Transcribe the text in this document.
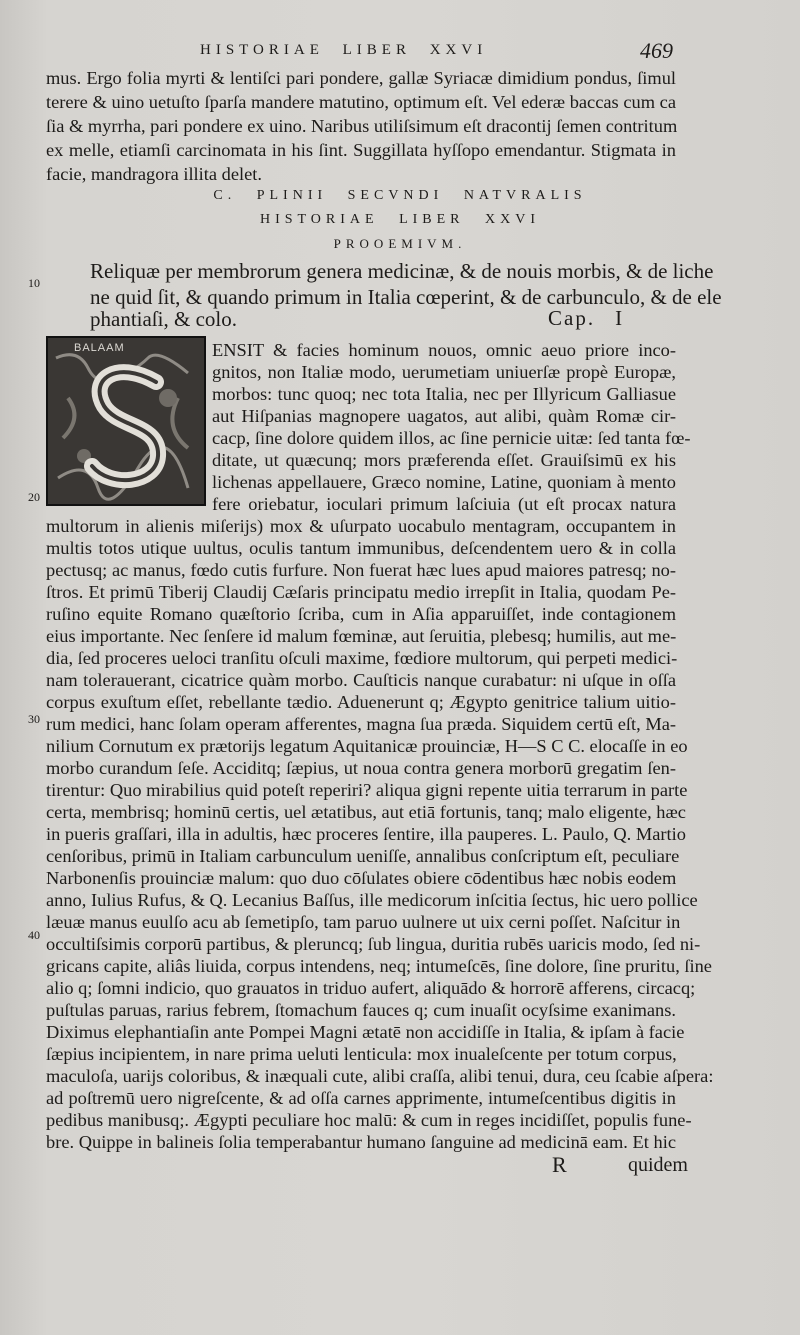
HISTORIAE LIBER XXVI	469
mus. Ergo folia myrti & lentiſci pari pondere, gallæ Syriacæ dimidium pondus, ſimul
terere & uino uetuſto ſparſa mandere matutino, optimum eſt. Vel ederæ baccas cum ca
ſia & myrrha, pari pondere ex uino. Naribus utiliſsimum eſt dracontij ſemen contritum
ex melle, etiamſi carcinomata in his ſint. Suggillata hyſſopo emendantur. Stigmata in
facie, mandragora illita delet.
C. PLINII SECVNDI NATVRALIS
HISTORIAE LIBER XXVI
PROOEMIVM.
10
20
30
40
Reliquæ per membrorum genera medicinæ, & de nouis morbis, & de liche
ne quid ſit, & quando primum in Italia cœperint, & de carbunculo, & de ele
phantiaſi, & colo.	Cap. I
BALAAM	ENSIT & facies hominum nouos, omnic aeuo priore inco-
gnitos, non Italiæ modo, uerumetiam uniuerſæ propè Europæ,
morbos: tunc quoq; nec tota Italia, nec per Illyricum Galliasue
aut Hiſpanias magnopere uagatos, aut alibi, quàm Romæ cir-
cacp, ſine dolore quidem illos, ac ſine pernicie uitæ: ſed tanta fœ-
ditate, ut quæcunq; mors præferenda eſſet. Grauiſsimū ex his
lichenas appellauere, Græco nomine, Latine, quoniam à mento
fere oriebatur, ioculari primum laſciuia (ut eſt procax natura
multorum in alienis miſerijs) mox & uſurpato uocabulo mentagram, occupantem in
multis totos utique uultus, oculis tantum immunibus, deſcendentem uero & in colla
pectusq; ac manus, fœdo cutis furfure. Non fuerat hæc lues apud maiores patresq; no-
ſtros. Et primū Tiberij Claudij Cæſaris principatu medio irrepſit in Italia, quodam Pe-
ruſino equite Romano quæſtorio ſcriba, cum in Aſia apparuiſſet, inde contagionem
eius importante. Nec ſenſere id malum fœminæ, aut ſeruitia, plebesq; humilis, aut me-
dia, ſed proceres ueloci tranſitu oſculi maxime, fœdiore multorum, qui perpeti medici-
nam tolerauerant, cicatrice quàm morbo. Cauſticis nanque curabatur: ni uſque in oſſa
corpus exuſtum eſſet, rebellante tædio. Aduenerunt q; Ægypto genitrice talium uitio-
rum medici, hanc ſolam operam afferentes, magna ſua præda. Siquidem certū eſt, Ma-
nilium Cornutum ex prætorijs legatum Aquitanicæ prouinciæ, H—S C C. elocaſſe in eo
morbo curandum ſeſe. Acciditq; ſæpius, ut noua contra genera morborū gregatim ſen-
tirentur: Quo mirabilius quid poteſt reperiri? aliqua gigni repente uitia terrarum in parte
certa, membrisq; hominū certis, uel ætatibus, aut etiā fortunis, tanq; malo eligente, hæc
in pueris graſſari, illa in adultis, hæc proceres ſentire, illa pauperes. L. Paulo, Q. Martio
cenſoribus, primū in Italiam carbunculum ueniſſe, annalibus conſcriptum eſt, peculiare
Narbonenſis prouinciæ malum: quo duo cōſulates obiere cōdentibus hæc nobis eodem
anno, Iulius Rufus, & Q. Lecanius Baſſus, ille medicorum inſcitia ſectus, hic uero pollice
læuæ manus euulſo acu ab ſemetipſo, tam paruo uulnere ut uix cerni poſſet. Naſcitur in
occultiſsimis corporū partibus, & pleruncq; ſub lingua, duritia rubēs uaricis modo, ſed ni-
gricans capite, aliâs liuida, corpus intendens, neq; intumeſcēs, ſine dolore, ſine pruritu, ſine
alio q; ſomni indicio, quo grauatos in triduo aufert, aliquādo & horrorē afferens, circacq;
puſtulas paruas, rarius febrem, ſtomachum fauces q; cum inuaſit ocyſsime exanimans.
Diximus elephantiaſin ante Pompei Magni ætatē non accidiſſe in Italia, & ipſam à facie
ſæpius incipientem, in nare prima ueluti lenticula: mox inualeſcente per totum corpus,
maculoſa, uarijs coloribus, & inæquali cute, alibi craſſa, alibi tenui, dura, ceu ſcabie aſpera:
ad poſtremū uero nigreſcente, & ad oſſa carnes apprimente, intumeſcentibus digitis in
pedibus manibusq;. Ægypti peculiare hoc malū: & cum in reges incidiſſet, populis fune-
bre. Quippe in balineis ſolia temperabantur humano ſanguine ad medicinā eam. Et hic
R	quidem
